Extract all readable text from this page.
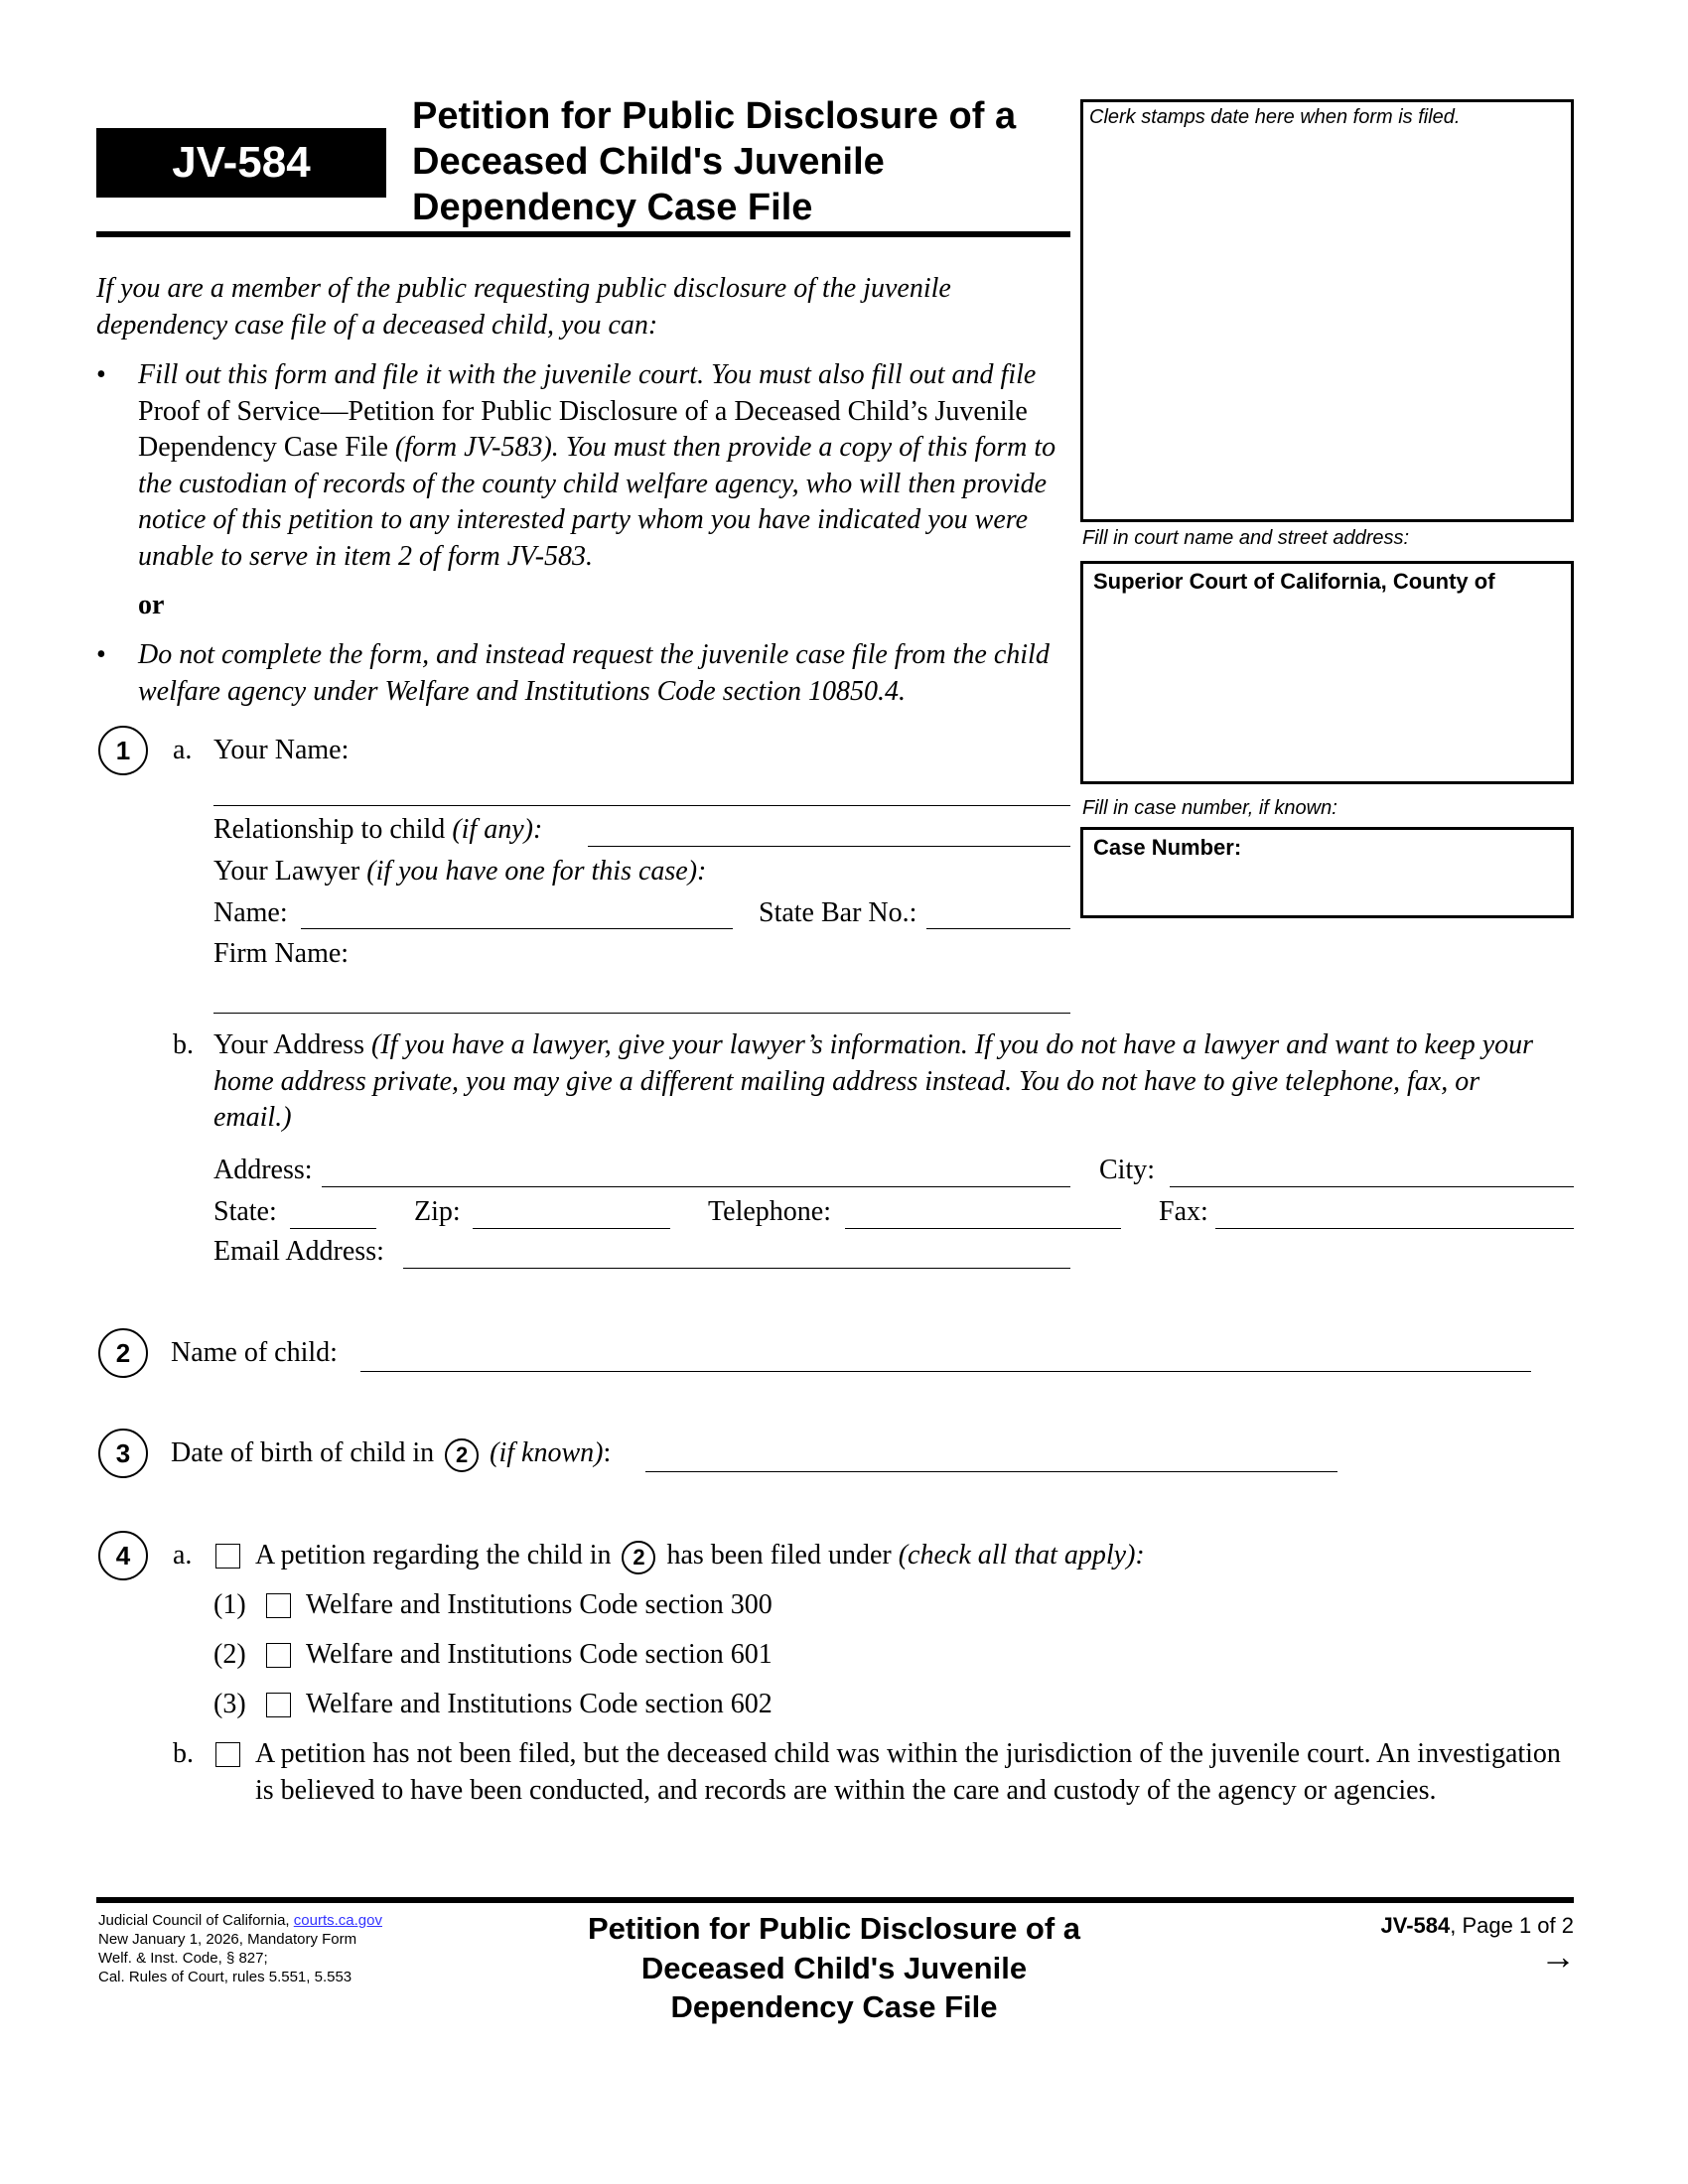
JV-584
Petition for Public Disclosure of a
Deceased Child's Juvenile
Dependency Case File
Clerk stamps date here when form is filed.
Fill in court name and street address:
Superior Court of California, County of
Fill in case number, if known:
Case Number:
If you are a member of the public requesting public disclosure of the juvenile dependency case file of a deceased child, you can:
• Fill out this form and file it with the juvenile court. You must also fill out and file Proof of Service—Petition for Public Disclosure of a Deceased Child’s Juvenile Dependency Case File (form JV-583). You must then provide a copy of this form to the custodian of records of the county child welfare agency, who will then provide notice of this petition to any interested party whom you have indicated you were unable to serve in item 2 of form JV-583.
or
• Do not complete the form, and instead request the juvenile case file from the child welfare agency under Welfare and Institutions Code section 10850.4.
1	a. Your Name:
Relationship to child (if any):
Your Lawyer (if you have one for this case):
Name:	State Bar No.:
Firm Name:
b. Your Address (If you have a lawyer, give your lawyer’s information. If you do not have a lawyer and want to keep your home address private, you may give a different mailing address instead. You do not have to give telephone, fax, or email.)
Address:	City:
State:	Zip:	Telephone:	Fax:
Email Address:
2	Name of child:
3	Date of birth of child in 2 (if known):
4	a. A petition regarding the child in 2 has been filed under (check all that apply):
(1) Welfare and Institutions Code section 300
(2) Welfare and Institutions Code section 601
(3) Welfare and Institutions Code section 602
b. A petition has not been filed, but the deceased child was within the jurisdiction of the juvenile court. An investigation is believed to have been conducted, and records are within the care and custody of the agency or agencies.
Judicial Council of California, courts.ca.gov
New January 1, 2026, Mandatory Form
Welf. & Inst. Code, § 827;
Cal. Rules of Court, rules 5.551, 5.553
Petition for Public Disclosure of a
Deceased Child's Juvenile
Dependency Case File
JV-584, Page 1 of 2
→
